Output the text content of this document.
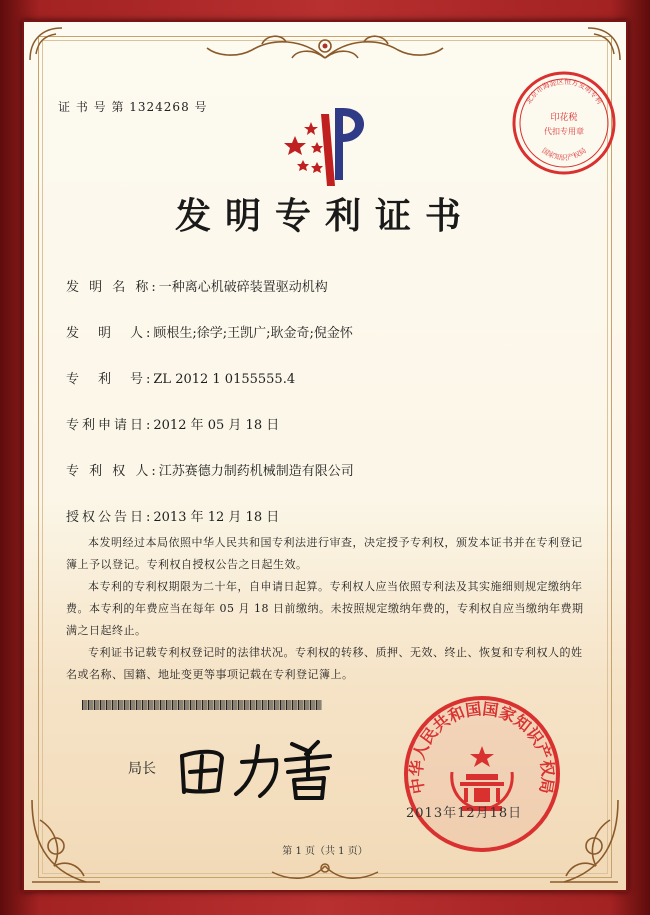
证 书 号 第 1324268 号
印花税
代扣专用章
北京市海淀区恒方发明专利
国家知识产权局
发明专利证书
发 明 名 称:一种离心机破碎装置驱动机构
发　明　人:顾根生;徐学;王凯广;耿金奇;倪金怀
专　利　号:ZL 2012 1 0155555.4
专利申请日:2012 年 05 月 18 日
专 利 权 人:江苏赛德力制药机械制造有限公司
授权公告日:2013 年 12 月 18 日

本发明经过本局依照中华人民共和国专利法进行审查，决定授予专利权，颁发本证书并在专利登记簿上予以登记。专利权自授权公告之日起生效。

本专利的专利权期限为二十年，自申请日起算。专利权人应当依照专利法及其实施细则规定缴纳年费。本专利的年费应当在每年 05 月 18 日前缴纳。未按照规定缴纳年费的，专利权自应当缴纳年费期满之日起终止。

专利证书记载专利权登记时的法律状况。专利权的转移、质押、无效、终止、恢复和专利权人的姓名或名称、国籍、地址变更等事项记载在专利登记簿上。

局长
中华人民共和国国家知识产权局
2013年12月18日
第 1 页（共 1 页）
